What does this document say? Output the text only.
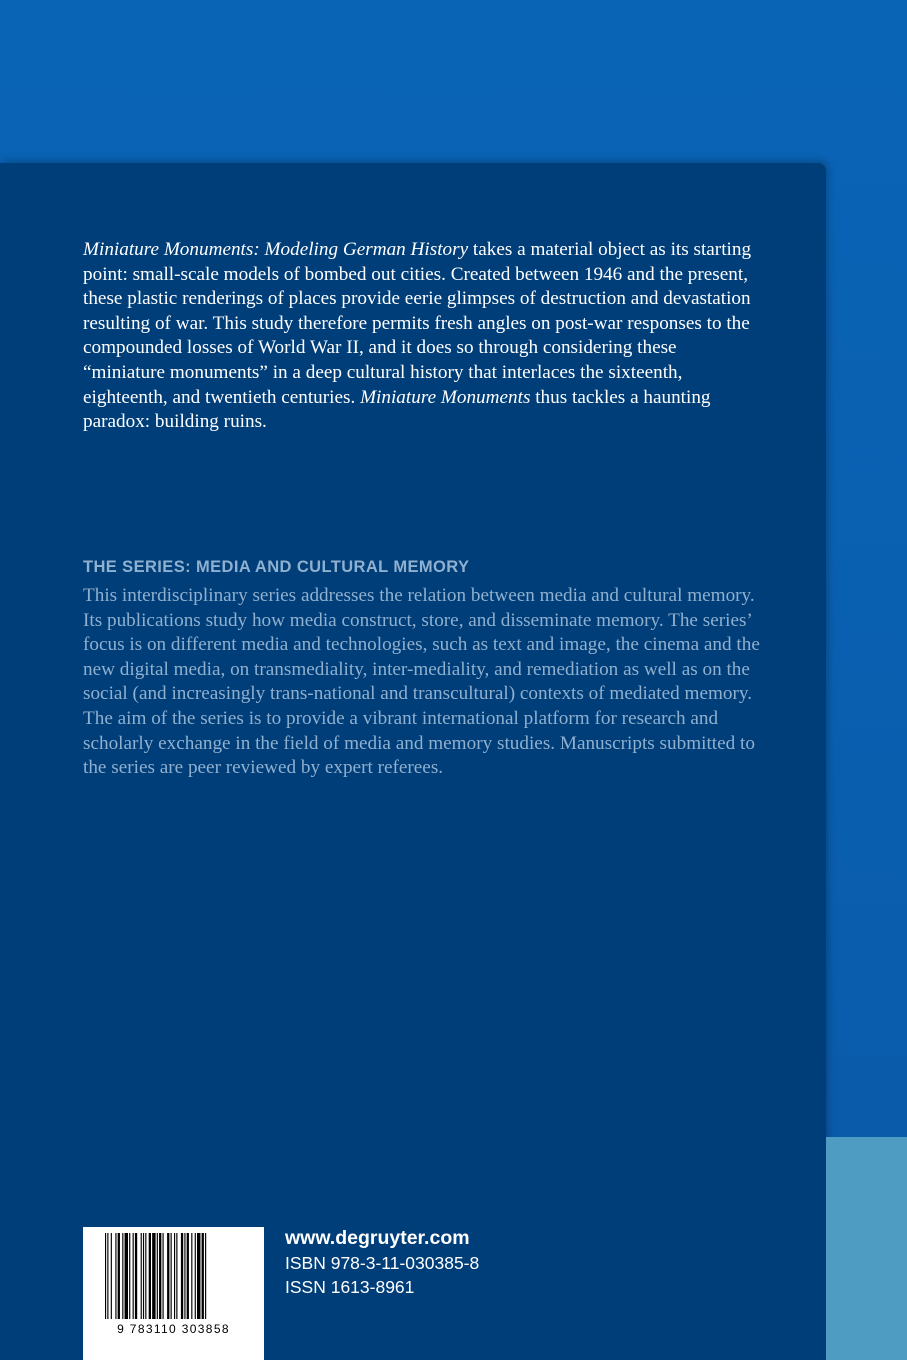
Miniature Monuments: Modeling German History takes a material object as its starting point: small-scale models of bombed out cities. Created between 1946 and the present, these plastic renderings of places provide eerie glimpses of destruction and devastation resulting of war. This study therefore permits fresh angles on post-war responses to the compounded losses of World War II, and it does so through considering these “miniature monuments” in a deep cultural history that interlaces the sixteenth, eighteenth, and twentieth centuries. Miniature Monuments thus tackles a haunting paradox: building ruins.

THE SERIES: MEDIA AND CULTURAL MEMORY

This interdisciplinary series addresses the relation between media and cultural memory. Its publications study how media construct, store, and disseminate memory. The series’ focus is on different media and technologies, such as text and image, the cinema and the new digital media, on transmediality, inter-mediality, and remediation as well as on the social (and increasingly trans-national and transcultural) contexts of mediated memory. The aim of the series is to provide a vibrant international platform for research and scholarly exchange in the field of media and memory studies. Manuscripts submitted to the series are peer reviewed by expert referees.

9 783110 303858
www.degruyter.com
ISBN 978-3-11-030385-8
ISSN 1613-8961
